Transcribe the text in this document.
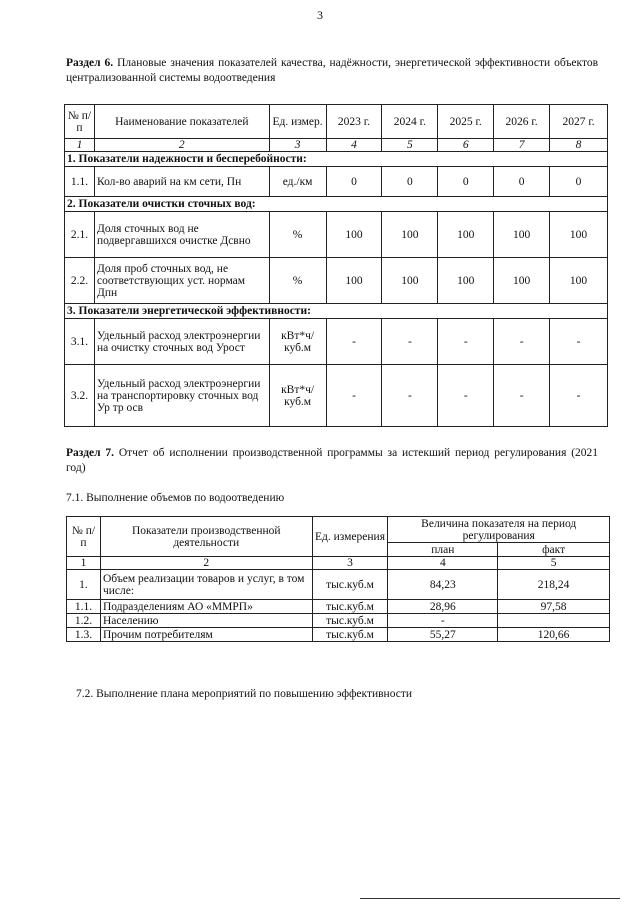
3
Раздел 6. Плановые значения показателей качества, надёжности, энергетической эффективности объектов централизованной системы водоотведения
№ п/п	Наименование показателей	Ед. измер.	2023 г.	2024 г.	2025 г.	2026 г.	2027 г.
1	2	3	4	5	6	7	8
1. Показатели надежности и бесперебойности:							
1.1.	Кол-во аварий на км сети, Пн	ед./км	0	0	0	0	0
2. Показатели очистки сточных вод:							
2.1.	Доля сточных вод не подвергавшихся очистке Дсвно	%	100	100	100	100	100
2.2.	Доля проб сточных вод, не соответствующих уст. нормам Дпн	%	100	100	100	100	100
3. Показатели энергетической эффективности:							
3.1.	Удельный расход электроэнергии на очистку сточных вод Урост	кВт*ч/ куб.м	-	-	-	-	-
3.2.	Удельный расход электроэнергии на транспортировку сточных вод Ур тр осв	кВт*ч/ куб.м	-	-	-	-	-
Раздел 7. Отчет об исполнении производственной программы за истекший период регулирования (2021 год)
7.1. Выполнение объемов по водоотведению
№ п/п	Показатели производственной деятельности	Ед. измерения	Величина показателя на период регулирования	
			план	факт
1	2	3	4	5
1.	Объем реализации товаров и услуг, в том числе:	тыс.куб.м	84,23	218,24
1.1.	Подразделениям АО «ММРП»	тыс.куб.м	28,96	97,58
1.2.	Населению	тыс.куб.м	-	
1.3.	Прочим потребителям	тыс.куб.м	55,27	120,66
7.2. Выполнение плана мероприятий по повышению эффективности
